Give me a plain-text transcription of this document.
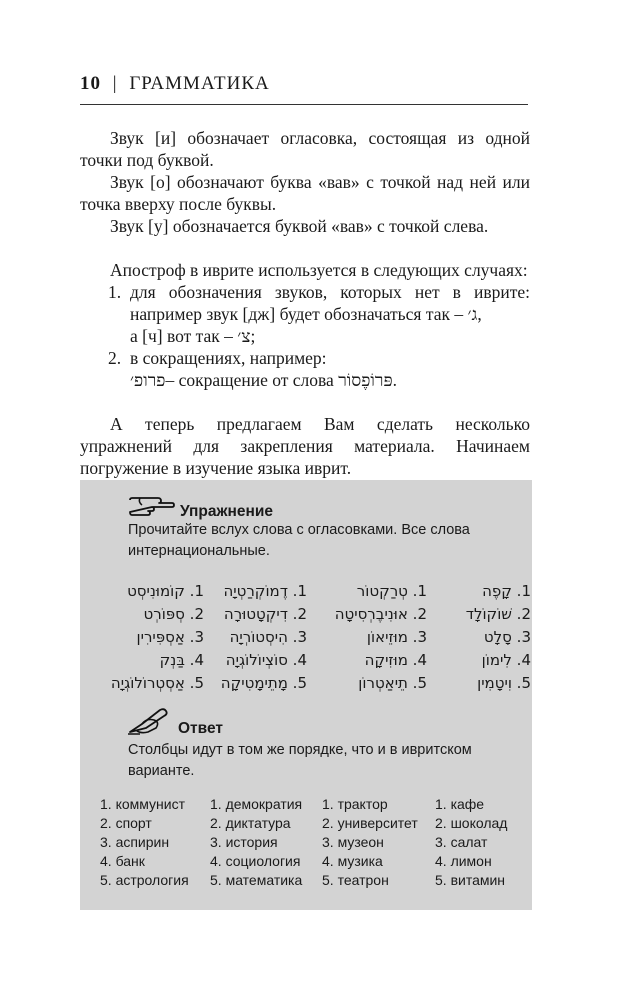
10 | ГРАММАТИКА

Звук [и] обозначает огласовка, состоящая из одной точки под буквой.

Звук [о] обозначают буква «вав» с точкой над ней или точка вверху после буквы.

Звук [у] обозначается буквой «вав» с точкой слева.

Апостроф в иврите используется в следующих случаях:

1. для обозначения звуков, которых нет в иврите: например звук [дж] будет обозначаться так – ג׳,
а [ч] вот так – צ׳;
2. в сокращениях, например:
פרופ׳– сокращение от слова פּרוֹפֶסוֹר.

А теперь предлагаем Вам сделать несколько упражнений для закрепления материала. Начинаем погружение в изучение языка иврит.

Упражнение
Прочитайте вслух слова с огласовками. Все слова интернациональные.
1. קָפֶה
2. שׁוֹקוֹלָד
3. סָלָט
4. לִימוֹן
5. וִיטָמִין
1. טְרַקְטוֹר
2. אוּנִיבֶרְסִיטָה
3. מוּזֵיאוֹן
4. מוּזִיקָה
5. תֵיאַטְרוֹן
1. דֶמוֹקְרַטְיָה
2. דִיקְטָטוּרָה
3. הִיסְטוֹרְיָה
4. סוֹצְיוֹלוֹגְיָה
5. מָתֵימָטִיקָה
1. קוֹמוּנִיסְט
2. סְפּוֹרְט
3. אַסְפִּירִין
4. בַּנְק
5. אַסְטְרוֹלוֹגְיָה
Ответ
Столбцы идут в том же порядке, что и в ивритском варианте.
1. коммунист
2. спорт
3. аспирин
4. банк
5. астрология
1. демократия
2. диктатура
3. история
4. социология
5. математика
1. трактор
2. университет
3. музеон
4. музика
5. театрон
1. кафе
2. шоколад
3. салат
4. лимон
5. витамин
